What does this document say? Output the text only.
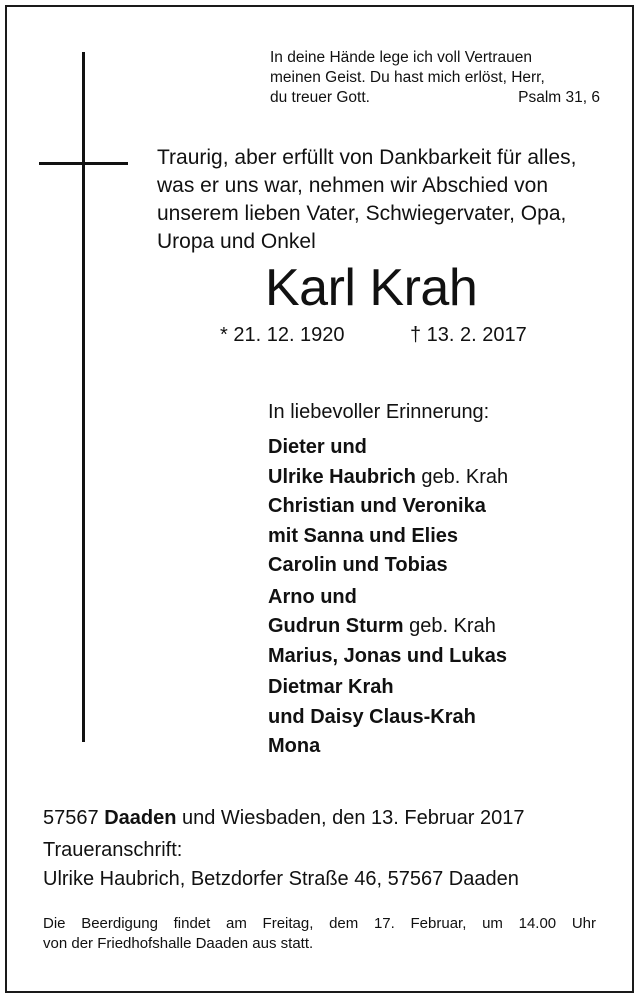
In deine Hände lege ich voll Vertrauen
meinen Geist. Du hast mich erlöst, Herr,
du treuer Gott.	Psalm 31, 6
Traurig, aber erfüllt von Dankbarkeit für alles,
was er uns war, nehmen wir Abschied von
unserem lieben Vater, Schwiegervater, Opa,
Uropa und Onkel
Karl Krah
* 21. 12. 1920	† 13. 2. 2017
In liebevoller Erinnerung:
Dieter und
Ulrike Haubrich geb. Krah
Christian und Veronika
mit Sanna und Elies
Carolin und Tobias
Arno und
Gudrun Sturm geb. Krah
Marius, Jonas und Lukas
Dietmar Krah
und Daisy Claus-Krah
Mona
57567 Daaden und Wiesbaden, den 13. Februar 2017
Traueranschrift:
Ulrike Haubrich, Betzdorfer Straße 46, 57567 Daaden
Die Beerdigung findet am Freitag, dem 17. Februar, um 14.00 Uhr
von der Friedhofshalle Daaden aus statt.
